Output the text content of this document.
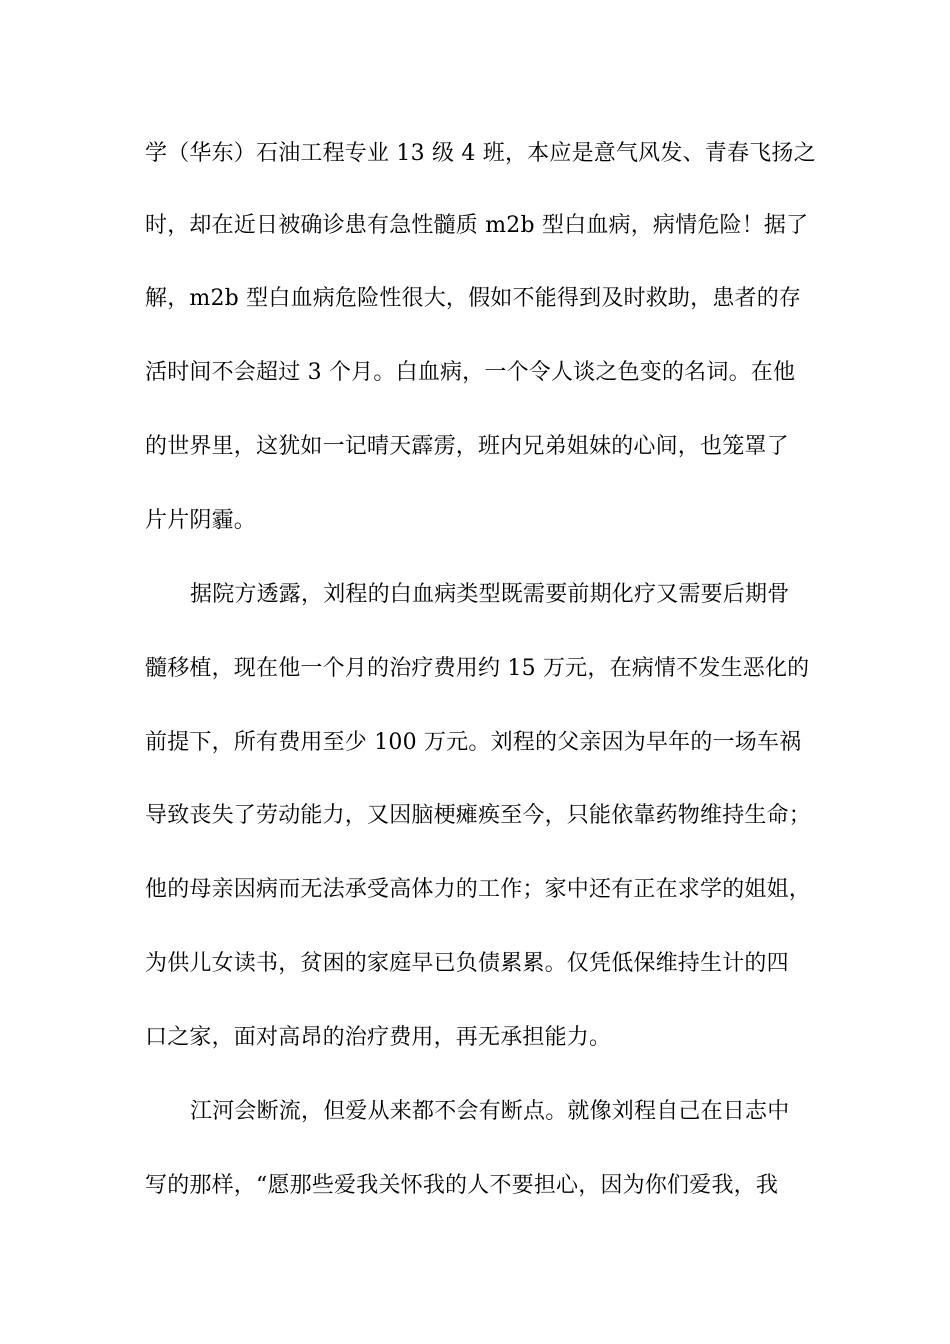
学（华东）石油工程专业 13 级 4 班，本应是意气风发、青春飞扬之
时，却在近日被确诊患有急性髓质 m2b 型白血病，病情危险！据了
解，m2b 型白血病危险性很大，假如不能得到及时救助，患者的存
活时间不会超过 3 个月。白血病，一个令人谈之色变的名词。在他
的世界里，这犹如一记晴天霹雳，班内兄弟姐妹的心间，也笼罩了
片片阴霾。
据院方透露，刘程的白血病类型既需要前期化疗又需要后期骨
髓移植，现在他一个月的治疗费用约 15 万元，在病情不发生恶化的
前提下，所有费用至少 100 万元。刘程的父亲因为早年的一场车祸
导致丧失了劳动能力，又因脑梗瘫痪至今，只能依靠药物维持生命；
他的母亲因病而无法承受高体力的工作；家中还有正在求学的姐姐，
为供儿女读书，贫困的家庭早已负债累累。仅凭低保维持生计的四
口之家，面对高昂的治疗费用，再无承担能力。
江河会断流，但爱从来都不会有断点。就像刘程自己在日志中
写的那样，“愿那些爱我关怀我的人不要担心，因为你们爱我，我
